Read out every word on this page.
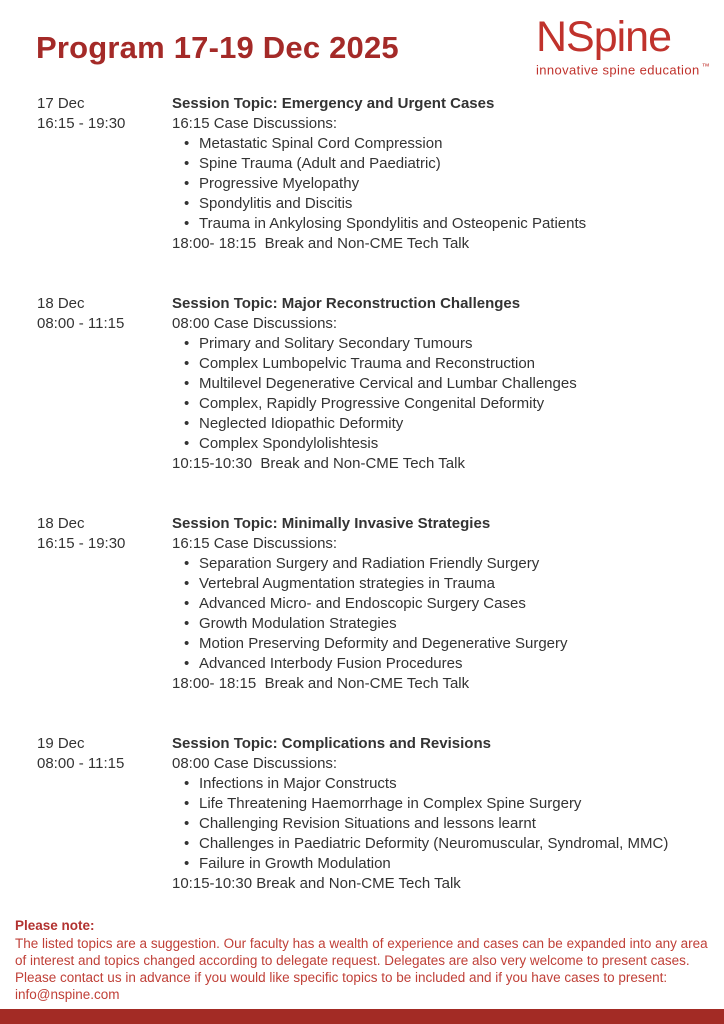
Program 17-19 Dec 2025	NSpine
innovative spine education ™
17 Dec
16:15 - 19:30
Session Topic: Emergency and Urgent Cases
16:15 Case Discussions:
• Metastatic Spinal Cord Compression
• Spine Trauma (Adult and Paediatric)
• Progressive Myelopathy
• Spondylitis and Discitis
• Trauma in Ankylosing Spondylitis and Osteopenic Patients
18:00- 18:15  Break and Non-CME Tech Talk
18 Dec
08:00 - 11:15
Session Topic: Major Reconstruction Challenges
08:00 Case Discussions:
• Primary and Solitary Secondary Tumours
• Complex Lumbopelvic Trauma and Reconstruction
• Multilevel Degenerative Cervical and Lumbar Challenges
• Complex, Rapidly Progressive Congenital Deformity
• Neglected Idiopathic Deformity
• Complex Spondylolishtesis
10:15-10:30  Break and Non-CME Tech Talk
18 Dec
16:15 - 19:30
Session Topic: Minimally Invasive Strategies
16:15 Case Discussions:
• Separation Surgery and Radiation Friendly Surgery
• Vertebral Augmentation strategies in Trauma
• Advanced Micro- and Endoscopic Surgery Cases
• Growth Modulation Strategies
• Motion Preserving Deformity and Degenerative Surgery
• Advanced Interbody Fusion Procedures
18:00- 18:15  Break and Non-CME Tech Talk
19 Dec
08:00 - 11:15
Session Topic: Complications and Revisions
08:00 Case Discussions:
• Infections in Major Constructs
• Life Threatening Haemorrhage in Complex Spine Surgery
• Challenging Revision Situations and lessons learnt
• Challenges in Paediatric Deformity (Neuromuscular, Syndromal, MMC)
• Failure in Growth Modulation
10:15-10:30 Break and Non-CME Tech Talk

Please note:

The listed topics are a suggestion. Our faculty has a wealth of experience and cases can be expanded into any area of interest and topics changed according to delegate request. Delegates are also very welcome to present cases. Please contact us in advance if you would like specific topics to be included and if you have cases to present:
info@nspine.com
